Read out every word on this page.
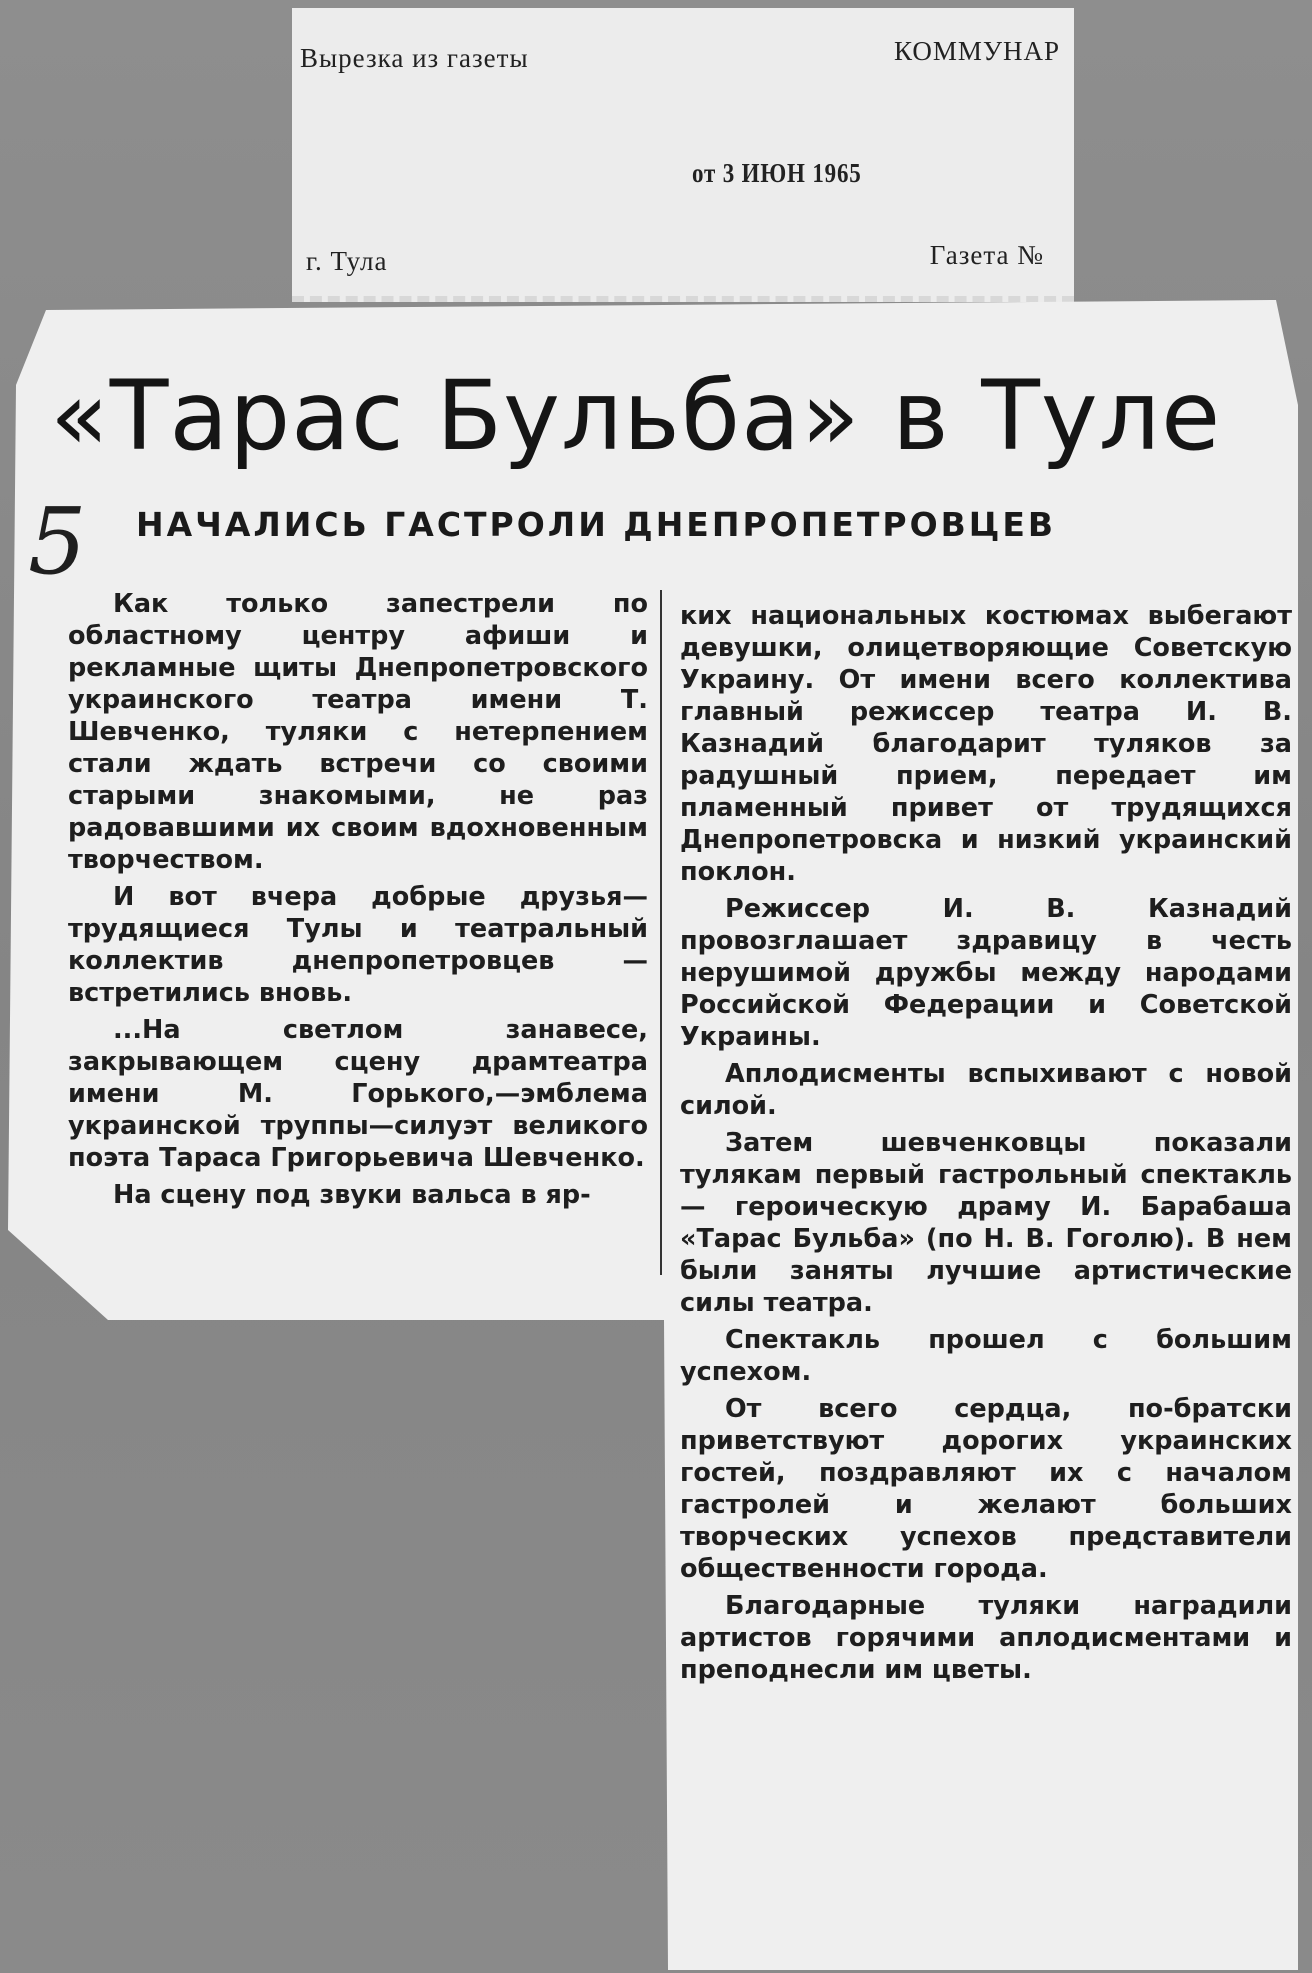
Вырезка из газеты	КОММУНАР
от 3 ИЮН 1965
г. Тула	Газета №
5
«Тарас Бульба» в Туле
НАЧАЛИСЬ ГАСТРОЛИ ДНЕПРОПЕТРОВЦЕВ

Как только запестрели по областному центру афиши и рекламные щиты Днепропетровского украинского театра имени Т. Шевченко, туляки с нетерпением стали ждать встречи со своими старыми знакомыми, не раз радовавшими их своим вдохновенным творчеством.

И вот вчера добрые друзья—трудящиеся Тулы и театральный коллектив днепропетровцев — встретились вновь.

...На светлом занавесе, закрывающем сцену драмтеатра имени М. Горького,—эмблема украинской труппы—силуэт великого поэта Тараса Григорьевича Шевченко.

На сцену под звуки вальса в яр-

ких национальных костюмах выбегают девушки, олицетворяющие Советскую Украину. От имени всего коллектива главный режиссер театра И. В. Казнадий благодарит туляков за радушный прием, передает им пламенный привет от трудящихся Днепропетровска и низкий украинский поклон.

Режиссер И. В. Казнадий провозглашает здравицу в честь нерушимой дружбы между народами Российской Федерации и Советской Украины.

Аплодисменты вспыхивают с новой силой.

Затем шевченковцы показали тулякам первый гастрольный спектакль — героическую драму И. Барабаша «Тарас Бульба» (по Н. В. Гоголю). В нем были заняты лучшие артистические силы театра.

Спектакль прошел с большим успехом.

От всего сердца, по-братски приветствуют дорогих украинских гостей, поздравляют их с началом гастролей и желают больших творческих успехов представители общественности города.

Благодарные туляки наградили артистов горячими аплодисментами и преподнесли им цветы.
